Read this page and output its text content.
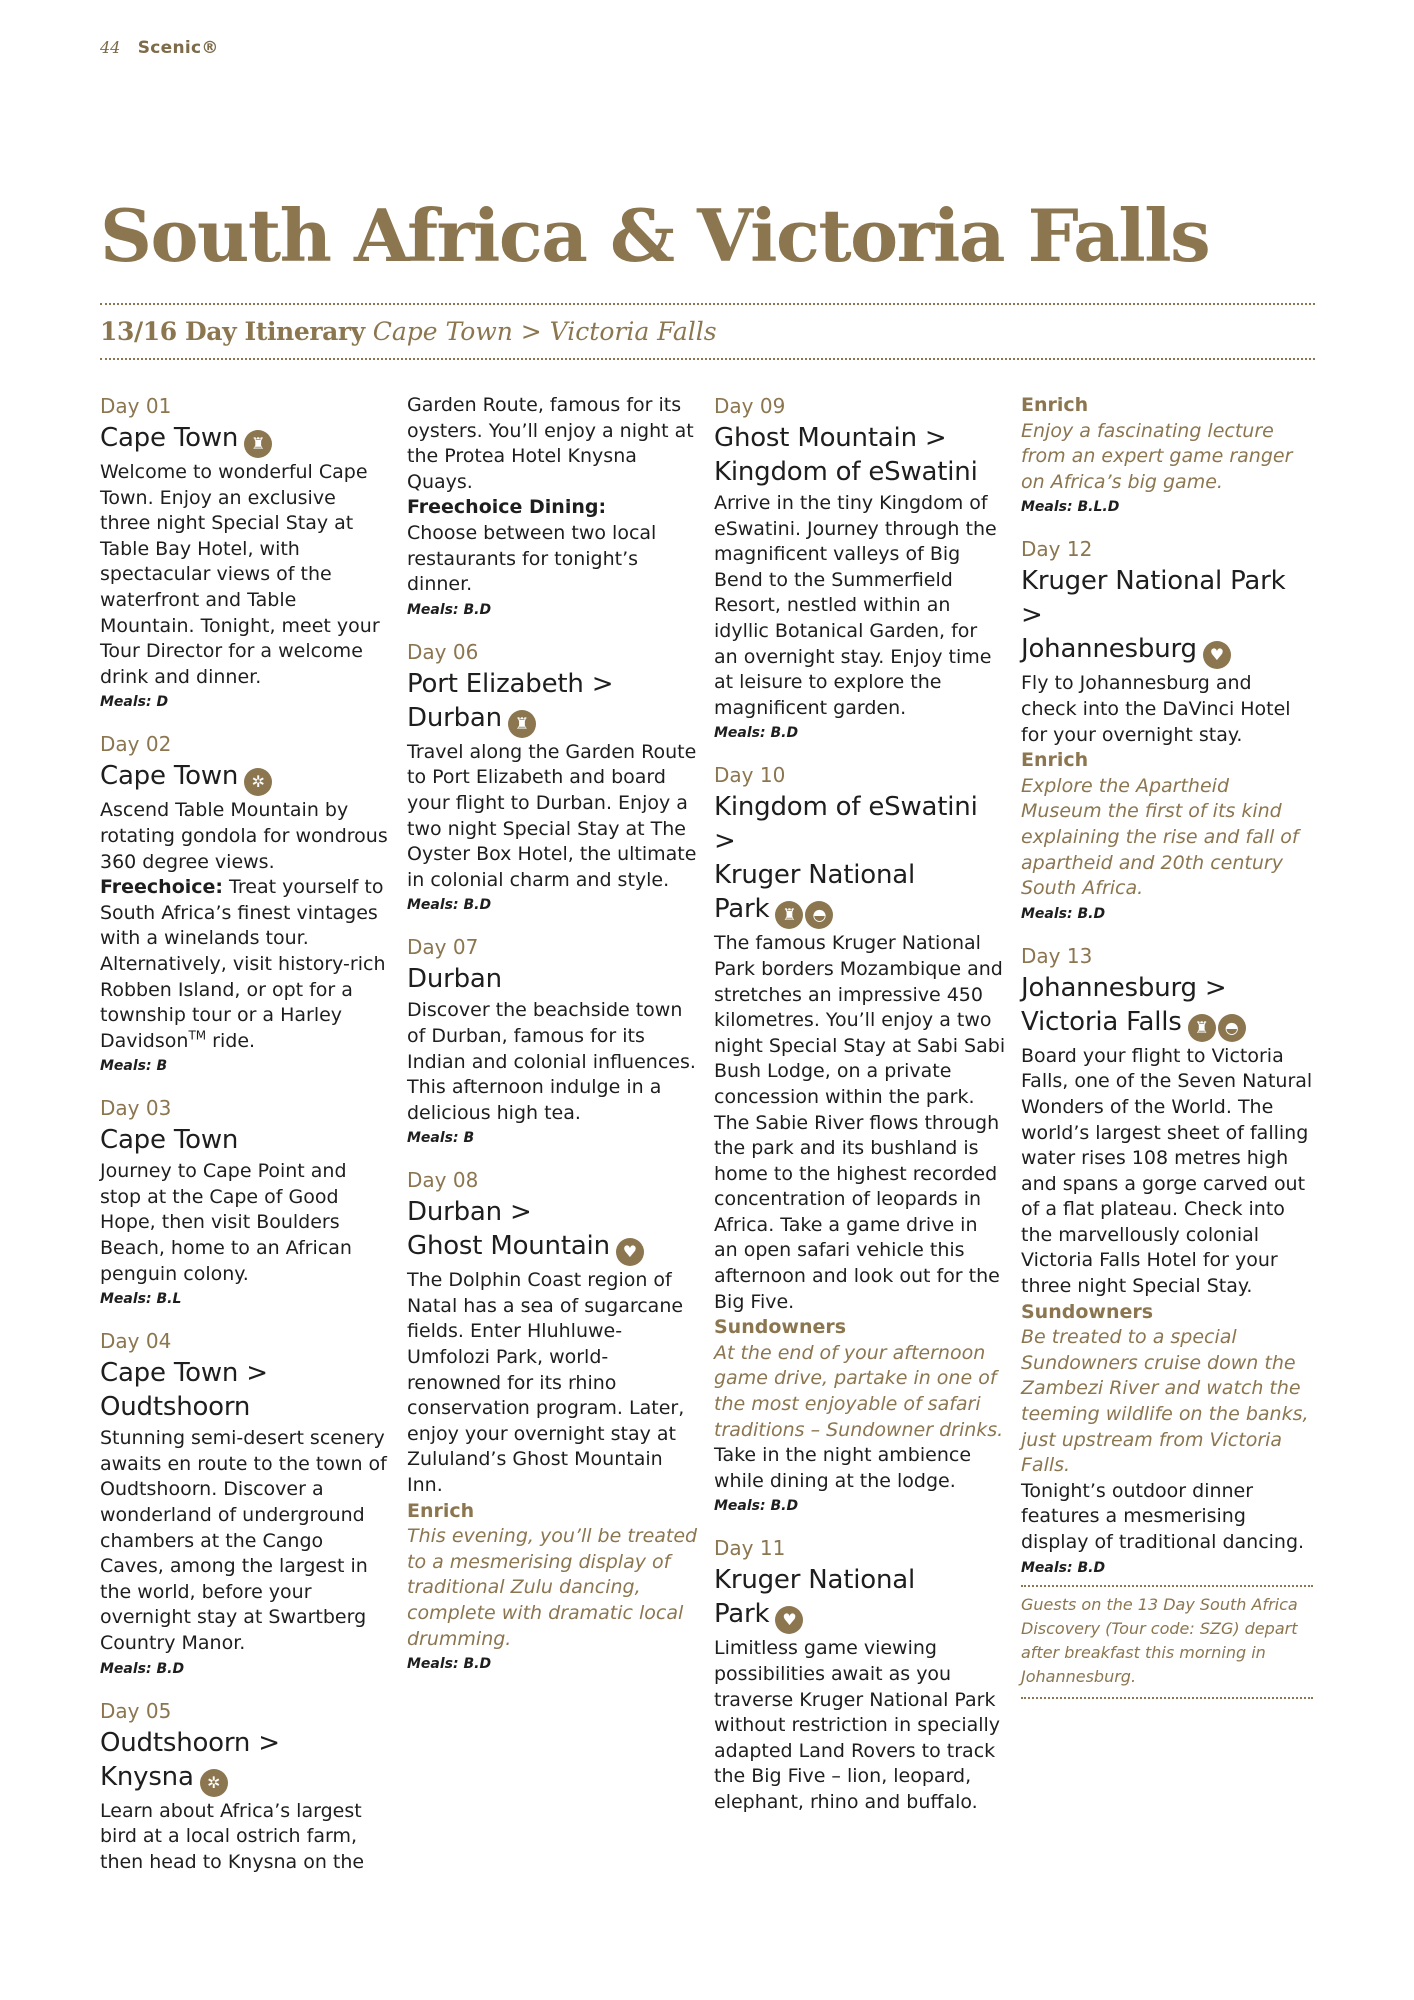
44 Scenic®
South Africa & Victoria Falls
13/16 Day Itinerary Cape Town > Victoria Falls
Day 01
Cape Town ♜
Welcome to wonderful Cape Town. Enjoy an exclusive three night Special Stay at Table Bay Hotel, with spectacular views of the waterfront and Table Mountain. Tonight, meet your Tour Director for a welcome drink and dinner.
Meals: D
Day 02
Cape Town ✲
Ascend Table Mountain by rotating gondola for wondrous 360 degree views.
Freechoice: Treat yourself to South Africa’s finest vintages with a winelands tour. Alternatively, visit history-rich Robben Island, or opt for a township tour or a Harley Davidson™ ride.
Meals: B
Day 03
Cape Town
Journey to Cape Point and stop at the Cape of Good Hope, then visit Boulders Beach, home to an African penguin colony.
Meals: B.L
Day 04
Cape Town >
Oudtshoorn
Stunning semi-desert scenery awaits en route to the town of Oudtshoorn. Discover a wonderland of underground chambers at the Cango Caves, among the largest in the world, before your overnight stay at Swartberg Country Manor.
Meals: B.D
Day 05
Oudtshoorn >
Knysna ✲
Learn about Africa’s largest bird at a local ostrich farm, then head to Knysna on the
Garden Route, famous for its oysters. You’ll enjoy a night at the Protea Hotel Knysna Quays.
Freechoice Dining:
Choose between two local restaurants for tonight’s dinner.
Meals: B.D
Day 06
Port Elizabeth >
Durban ♜
Travel along the Garden Route to Port Elizabeth and board your flight to Durban. Enjoy a two night Special Stay at The Oyster Box Hotel, the ultimate in colonial charm and style.
Meals: B.D
Day 07
Durban
Discover the beachside town of Durban, famous for its Indian and colonial influences. This afternoon indulge in a delicious high tea.
Meals: B
Day 08
Durban >
Ghost Mountain ♥
The Dolphin Coast region of Natal has a sea of sugarcane fields. Enter Hluhluwe-Umfolozi Park, world-renowned for its rhino conservation program. Later, enjoy your overnight stay at Zululand’s Ghost Mountain Inn.
Enrich
This evening, you’ll be treated to a mesmerising display of traditional Zulu dancing, complete with dramatic local drumming.
Meals: B.D
Day 09
Ghost Mountain >
Kingdom of eSwatini
Arrive in the tiny Kingdom of eSwatini. Journey through the magnificent valleys of Big Bend to the Summerfield Resort, nestled within an idyllic Botanical Garden, for an overnight stay. Enjoy time at leisure to explore the magnificent garden.
Meals: B.D
Day 10
Kingdom of eSwatini >
Kruger National
Park ♜ ◓
The famous Kruger National Park borders Mozambique and stretches an impressive 450 kilometres. You’ll enjoy a two night Special Stay at Sabi Sabi Bush Lodge, on a private concession within the park. The Sabie River flows through the park and its bushland is home to the highest recorded concentration of leopards in Africa. Take a game drive in an open safari vehicle this afternoon and look out for the Big Five.
Sundowners
At the end of your afternoon game drive, partake in one of the most enjoyable of safari traditions – Sundowner drinks.
Take in the night ambience while dining at the lodge.
Meals: B.D
Day 11
Kruger National
Park ♥
Limitless game viewing possibilities await as you traverse Kruger National Park without restriction in specially adapted Land Rovers to track the Big Five – lion, leopard, elephant, rhino and buffalo.
Enrich
Enjoy a fascinating lecture from an expert game ranger on Africa’s big game.
Meals: B.L.D
Day 12
Kruger National Park >
Johannesburg ♥
Fly to Johannesburg and check into the DaVinci Hotel for your overnight stay.
Enrich
Explore the Apartheid Museum the first of its kind explaining the rise and fall of apartheid and 20th century South Africa.
Meals: B.D
Day 13
Johannesburg >
Victoria Falls ♜ ◓
Board your flight to Victoria Falls, one of the Seven Natural Wonders of the World. The world’s largest sheet of falling water rises 108 metres high and spans a gorge carved out of a flat plateau. Check into the marvellously colonial Victoria Falls Hotel for your three night Special Stay.
Sundowners
Be treated to a special Sundowners cruise down the Zambezi River and watch the teeming wildlife on the banks, just upstream from Victoria Falls.
Tonight’s outdoor dinner features a mesmerising display of traditional dancing.
Meals: B.D
Guests on the 13 Day South Africa Discovery (Tour code: SZG) depart after breakfast this morning in Johannesburg.
